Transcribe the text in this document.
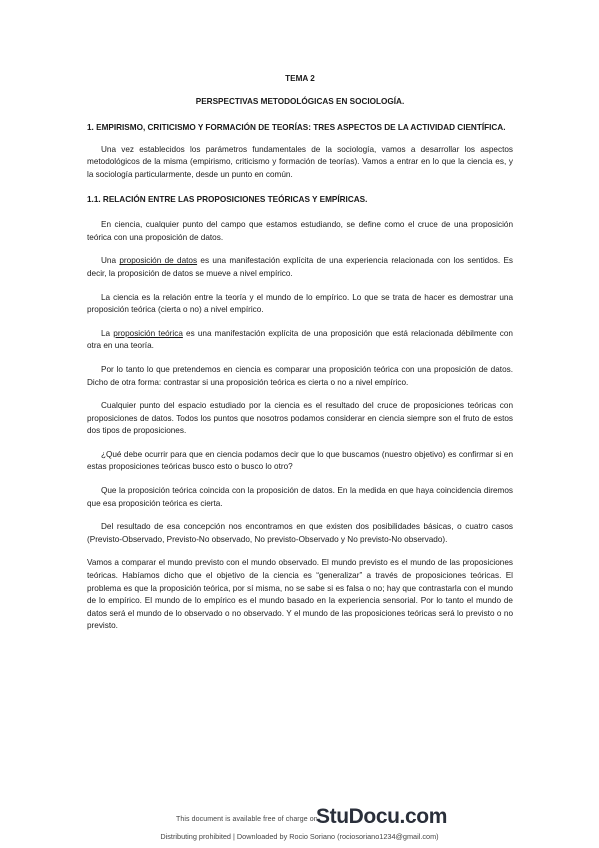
TEMA 2

PERSPECTIVAS METODOLÓGICAS EN SOCIOLOGÍA.

1. EMPIRISMO, CRITICISMO Y FORMACIÓN DE TEORÍAS: TRES ASPECTOS DE LA ACTIVIDAD CIENTÍFICA.

Una vez establecidos los parámetros fundamentales de la sociología, vamos a desarrollar los aspectos metodológicos de la misma (empirismo, criticismo y formación de teorías). Vamos a entrar en lo que la ciencia es, y la sociología particularmente, desde un punto en común.

1.1. RELACIÓN ENTRE LAS PROPOSICIONES TEÓRICAS Y EMPÍRICAS.

En ciencia, cualquier punto del campo que estamos estudiando, se define como el cruce de una proposición teórica con una proposición de datos.

Una proposición de datos es una manifestación explícita de una experiencia relacionada con los sentidos. Es decir, la proposición de datos se mueve a nivel empírico.

La ciencia es la relación entre la teoría y el mundo de lo empírico. Lo que se trata de hacer es demostrar una proposición teórica (cierta o no) a nivel empírico.

La proposición teórica es una manifestación explícita de una proposición que está relacionada débilmente con otra en una teoría.

Por lo tanto lo que pretendemos en ciencia es comparar una proposición teórica con una proposición de datos. Dicho de otra forma: contrastar si una proposición teórica es cierta o no a nivel empírico.

Cualquier punto del espacio estudiado por la ciencia es el resultado del cruce de proposiciones teóricas con proposiciones de datos. Todos los puntos que nosotros podamos considerar en ciencia siempre son el fruto de estos dos tipos de proposiciones.

¿Qué debe ocurrir para que en ciencia podamos decir que lo que buscamos (nuestro objetivo) es confirmar si en estas proposiciones teóricas busco esto o busco lo otro?

Que la proposición teórica coincida con la proposición de datos. En la medida en que haya coincidencia diremos que esa proposición teórica es cierta.

Del resultado de esa concepción nos encontramos en que existen dos posibilidades básicas, o cuatro casos (Previsto-Observado, Previsto-No observado, No previsto-Observado y No previsto-No observado).

Vamos a comparar el mundo previsto con el mundo observado. El mundo previsto es el mundo de las proposiciones teóricas. Habíamos dicho que el objetivo de la ciencia es “generalizar” a través de proposiciones teóricas. El problema es que la proposición teórica, por sí misma, no se sabe si es falsa o no; hay que contrastarla con el mundo de lo empírico. El mundo de lo empírico es el mundo basado en la experiencia sensorial. Por lo tanto el mundo de datos será el mundo de lo observado o no observado. Y el mundo de las proposiciones teóricas será lo previsto o no previsto.

This document is available free of charge on
StuDocu.com
Distributing prohibited | Downloaded by Rocio Soriano (rociosoriano1234@gmail.com)
